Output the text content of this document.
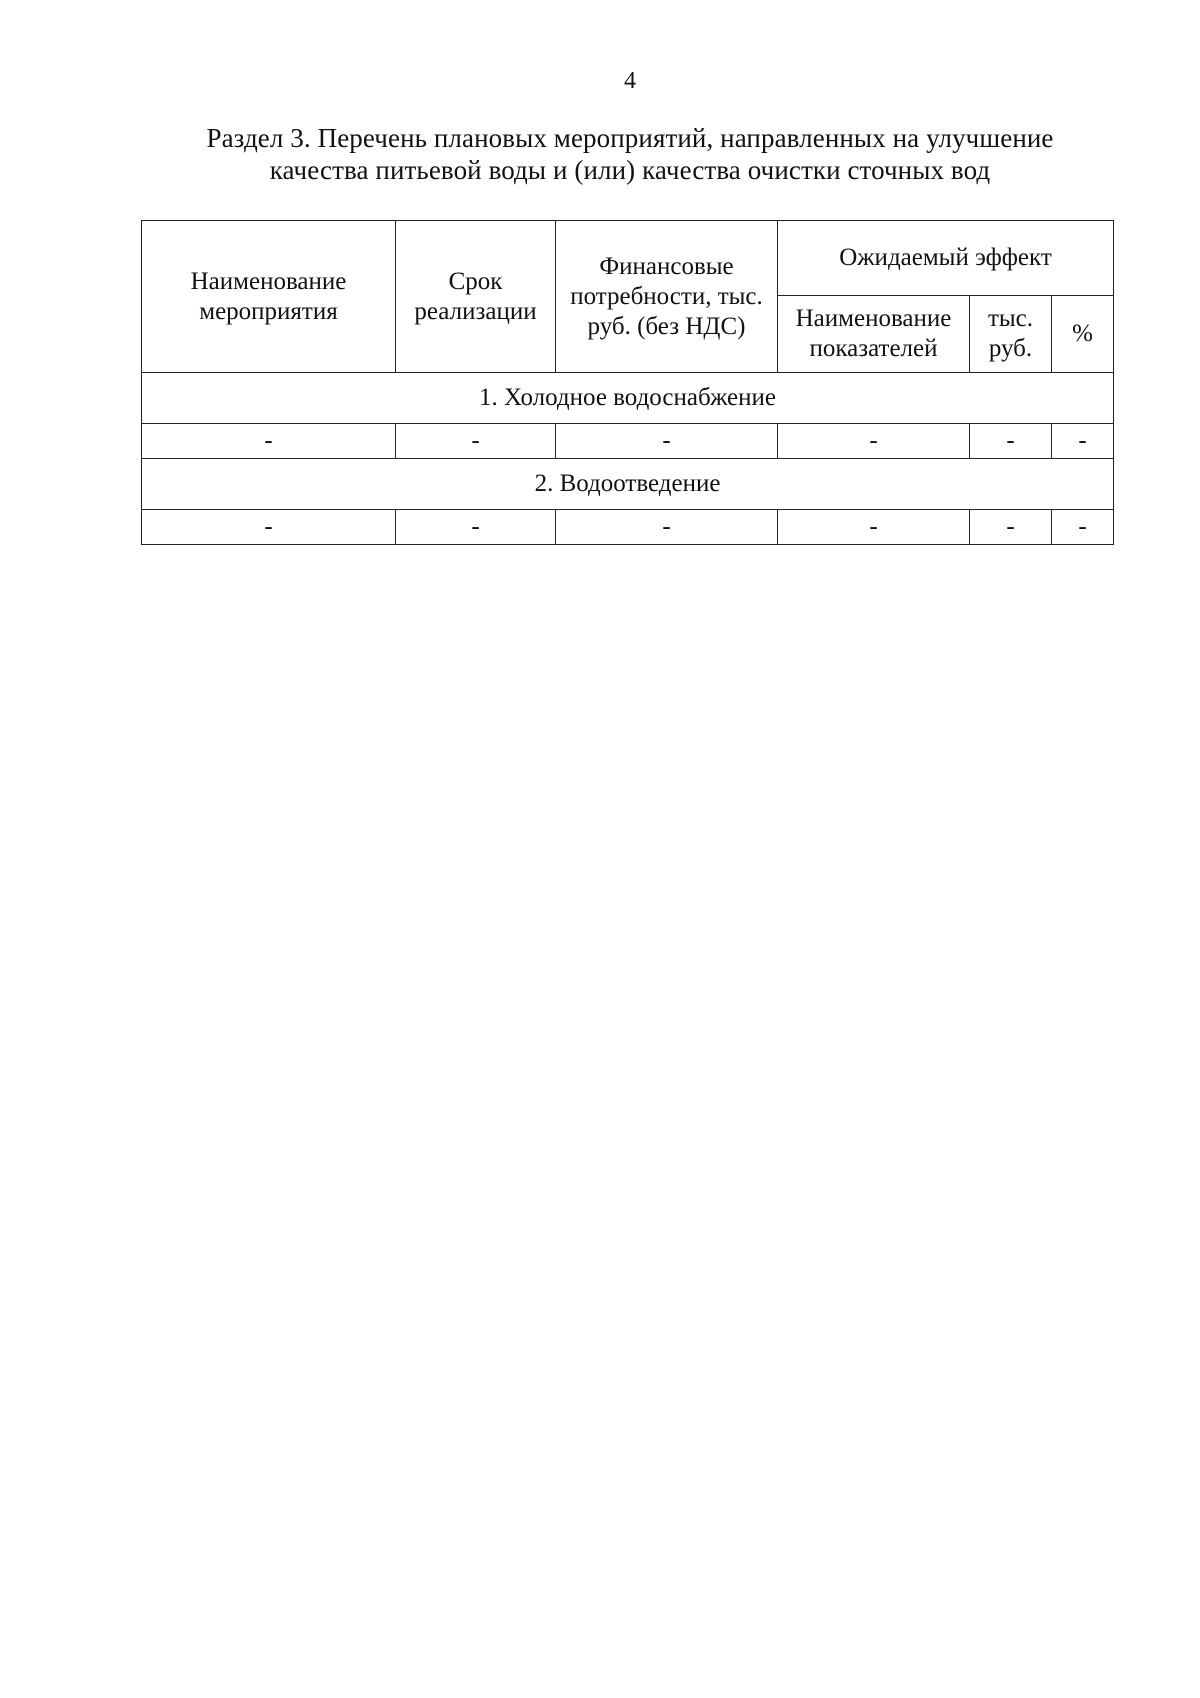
4
Раздел 3. Перечень плановых мероприятий, направленных на улучшение
качества питьевой воды и (или) качества очистки сточных вод
Наименование мероприятия	Срок реализации	Финансовые потребности, тыс. руб. (без НДС)	Ожидаемый эффект		
			Наименование показателей	тыс. руб.	%
1. Холодное водоснабжение					
-	-	-	-	-	-
2. Водоотведение					
-	-	-	-	-	-
